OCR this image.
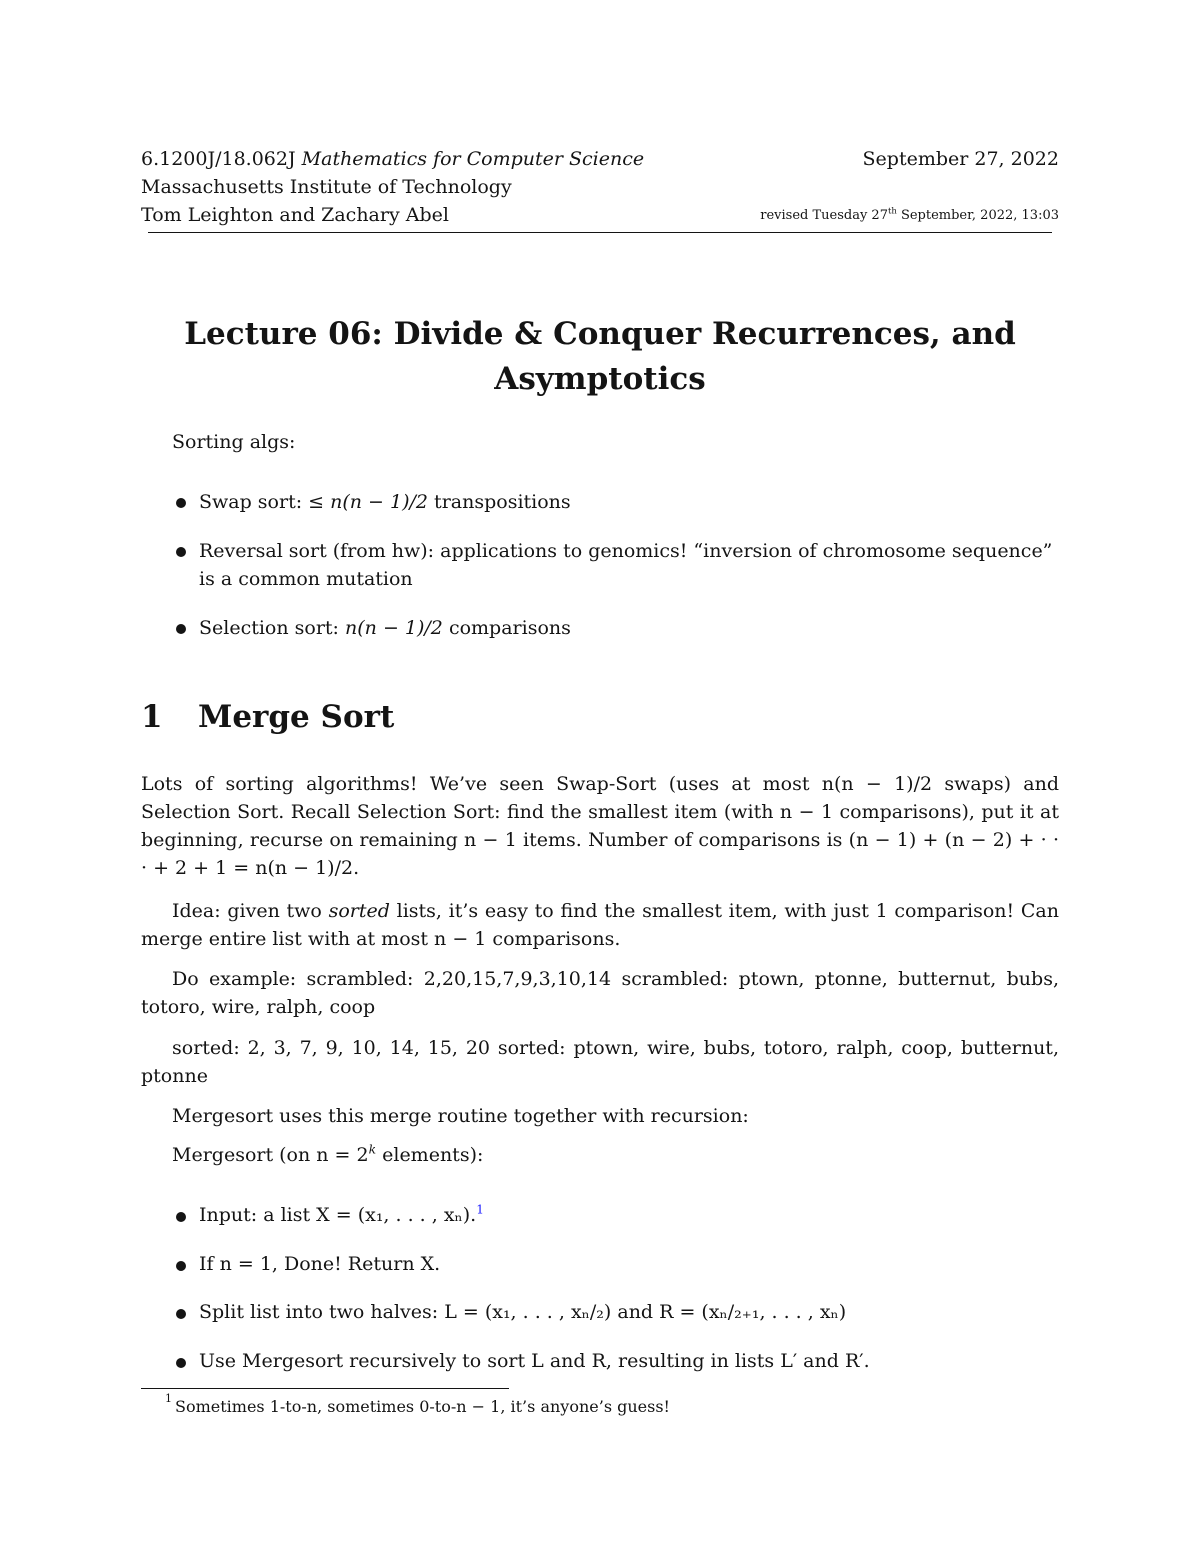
6.1200J/18.062J Mathematics for Computer Science	September 27, 2022
Massachusetts Institute of Technology
Tom Leighton and Zachary Abel	revised Tuesday 27th September, 2022, 13:03
Lecture 06: Divide & Conquer Recurrences, and
Asymptotics
Sorting algs:
Swap sort: ≤ n(n − 1)/2 transpositions
Reversal sort (from hw): applications to genomics! “inversion of chromosome sequence”
is a common mutation
Selection sort: n(n − 1)/2 comparisons
1 Merge Sort
Lots of sorting algorithms! We’ve seen Swap-Sort (uses at most n(n − 1)/2 swaps) and Selection Sort. Recall Selection Sort: find the smallest item (with n − 1 comparisons), put it at beginning, recurse on remaining n − 1 items. Number of comparisons is (n − 1) + (n − 2) + · · · + 2 + 1 = n(n − 1)/2.
Idea: given two sorted lists, it’s easy to find the smallest item, with just 1 comparison! Can merge entire list with at most n − 1 comparisons.
Do example: scrambled: 2,20,15,7,9,3,10,14 scrambled: ptown, ptonne, butternut, bubs, totoro, wire, ralph, coop
sorted: 2, 3, 7, 9, 10, 14, 15, 20 sorted: ptown, wire, bubs, totoro, ralph, coop, butternut, ptonne
Mergesort uses this merge routine together with recursion:
Mergesort (on $n = 2^k$ elements):
Input: a list X = (x₁, . . . , xₙ).$^1$
If n = 1, Done! Return X.
Split list into two halves: L = (x₁, . . . , xₙ/₂) and R = (xₙ/₂₊₁, . . . , xₙ)
Use Mergesort recursively to sort L and R, resulting in lists L′ and R′.
1 Sometimes 1-to-n, sometimes 0-to-n − 1, it’s anyone’s guess!
